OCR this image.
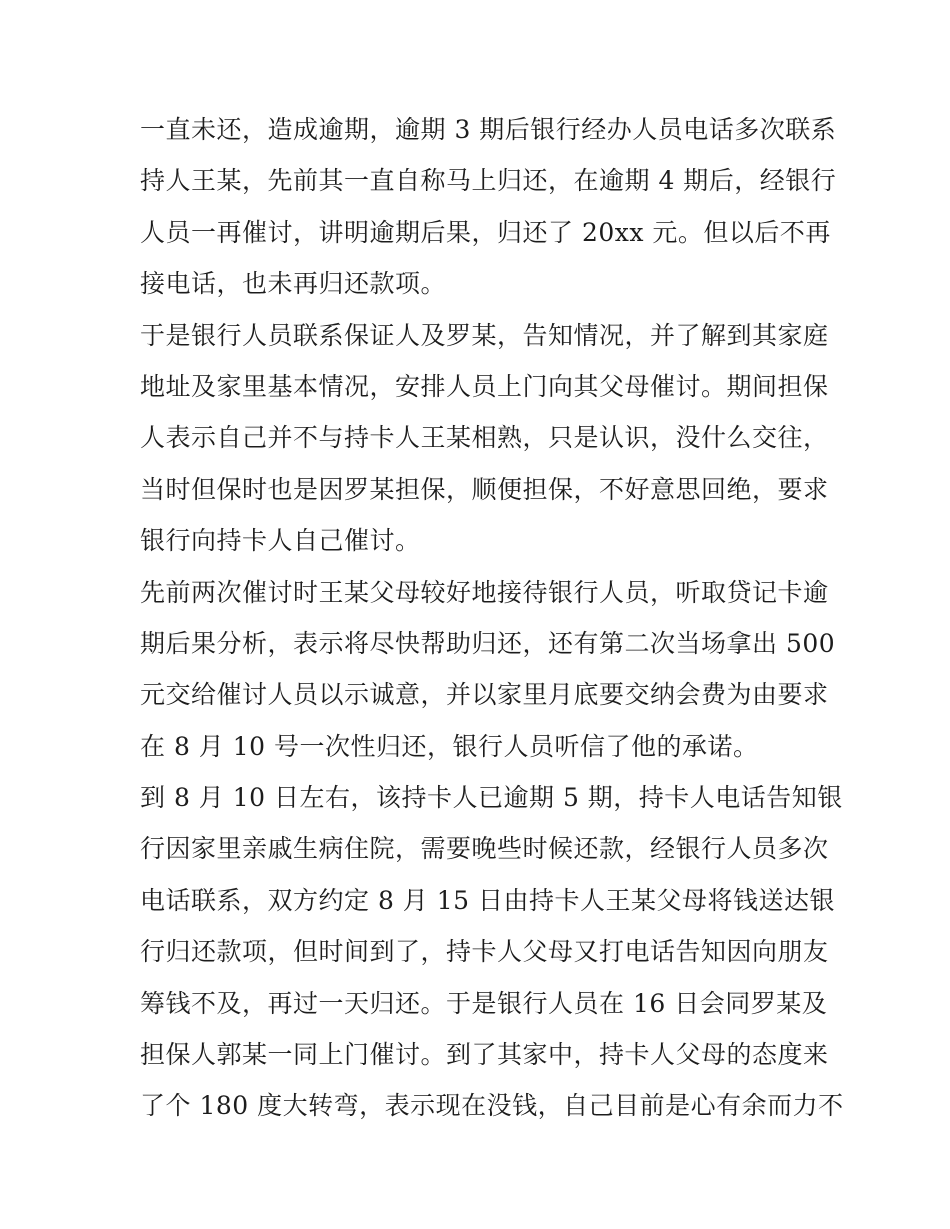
一直未还，造成逾期，逾期 3 期后银行经办人员电话多次联系
持人王某，先前其一直自称马上归还，在逾期 4 期后，经银行
人员一再催讨，讲明逾期后果，归还了 20xx 元。但以后不再
接电话，也未再归还款项。
于是银行人员联系保证人及罗某，告知情况，并了解到其家庭
地址及家里基本情况，安排人员上门向其父母催讨。期间担保
人表示自己并不与持卡人王某相熟，只是认识，没什么交往，
当时但保时也是因罗某担保，顺便担保，不好意思回绝，要求
银行向持卡人自己催讨。
先前两次催讨时王某父母较好地接待银行人员，听取贷记卡逾
期后果分析，表示将尽快帮助归还，还有第二次当场拿出 500
元交给催讨人员以示诚意，并以家里月底要交纳会费为由要求
在 8 月 10 号一次性归还，银行人员听信了他的承诺。
到 8 月 10 日左右，该持卡人已逾期 5 期，持卡人电话告知银
行因家里亲戚生病住院，需要晚些时候还款，经银行人员多次
电话联系，双方约定 8 月 15 日由持卡人王某父母将钱送达银
行归还款项，但时间到了，持卡人父母又打电话告知因向朋友
筹钱不及，再过一天归还。于是银行人员在 16 日会同罗某及
担保人郭某一同上门催讨。到了其家中，持卡人父母的态度来
了个 180 度大转弯，表示现在没钱，自己目前是心有余而力不
